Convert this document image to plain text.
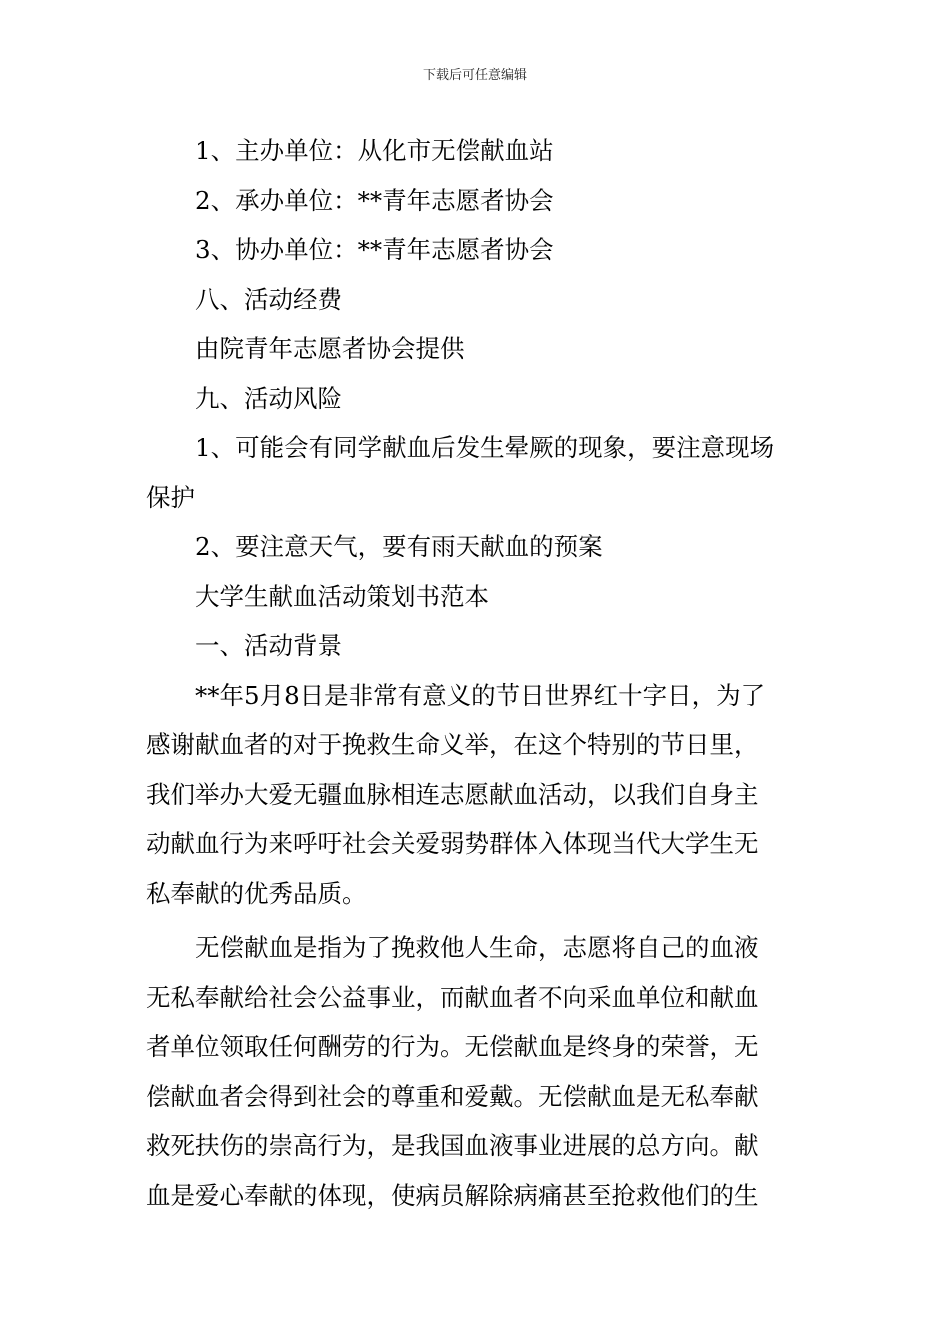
下载后可任意编辑
1、主办单位：从化市无偿献血站
2、承办单位：**青年志愿者协会
3、协办单位：**青年志愿者协会
八、活动经费
由院青年志愿者协会提供
九、活动风险
1、可能会有同学献血后发生晕厥的现象，要注意现场
保护
2、要注意天气，要有雨天献血的预案
大学生献血活动策划书范本
一、活动背景
**年5月8日是非常有意义的节日世界红十字日，为了
感谢献血者的对于挽救生命义举，在这个特别的节日里，
我们举办大爱无疆血脉相连志愿献血活动，以我们自身主
动献血行为来呼吁社会关爱弱势群体入体现当代大学生无
私奉献的优秀品质。
无偿献血是指为了挽救他人生命，志愿将自己的血液
无私奉献给社会公益事业，而献血者不向采血单位和献血
者单位领取任何酬劳的行为。无偿献血是终身的荣誉，无
偿献血者会得到社会的尊重和爱戴。无偿献血是无私奉献
救死扶伤的崇高行为，是我国血液事业进展的总方向。献
血是爱心奉献的体现，使病员解除病痛甚至抢救他们的生
